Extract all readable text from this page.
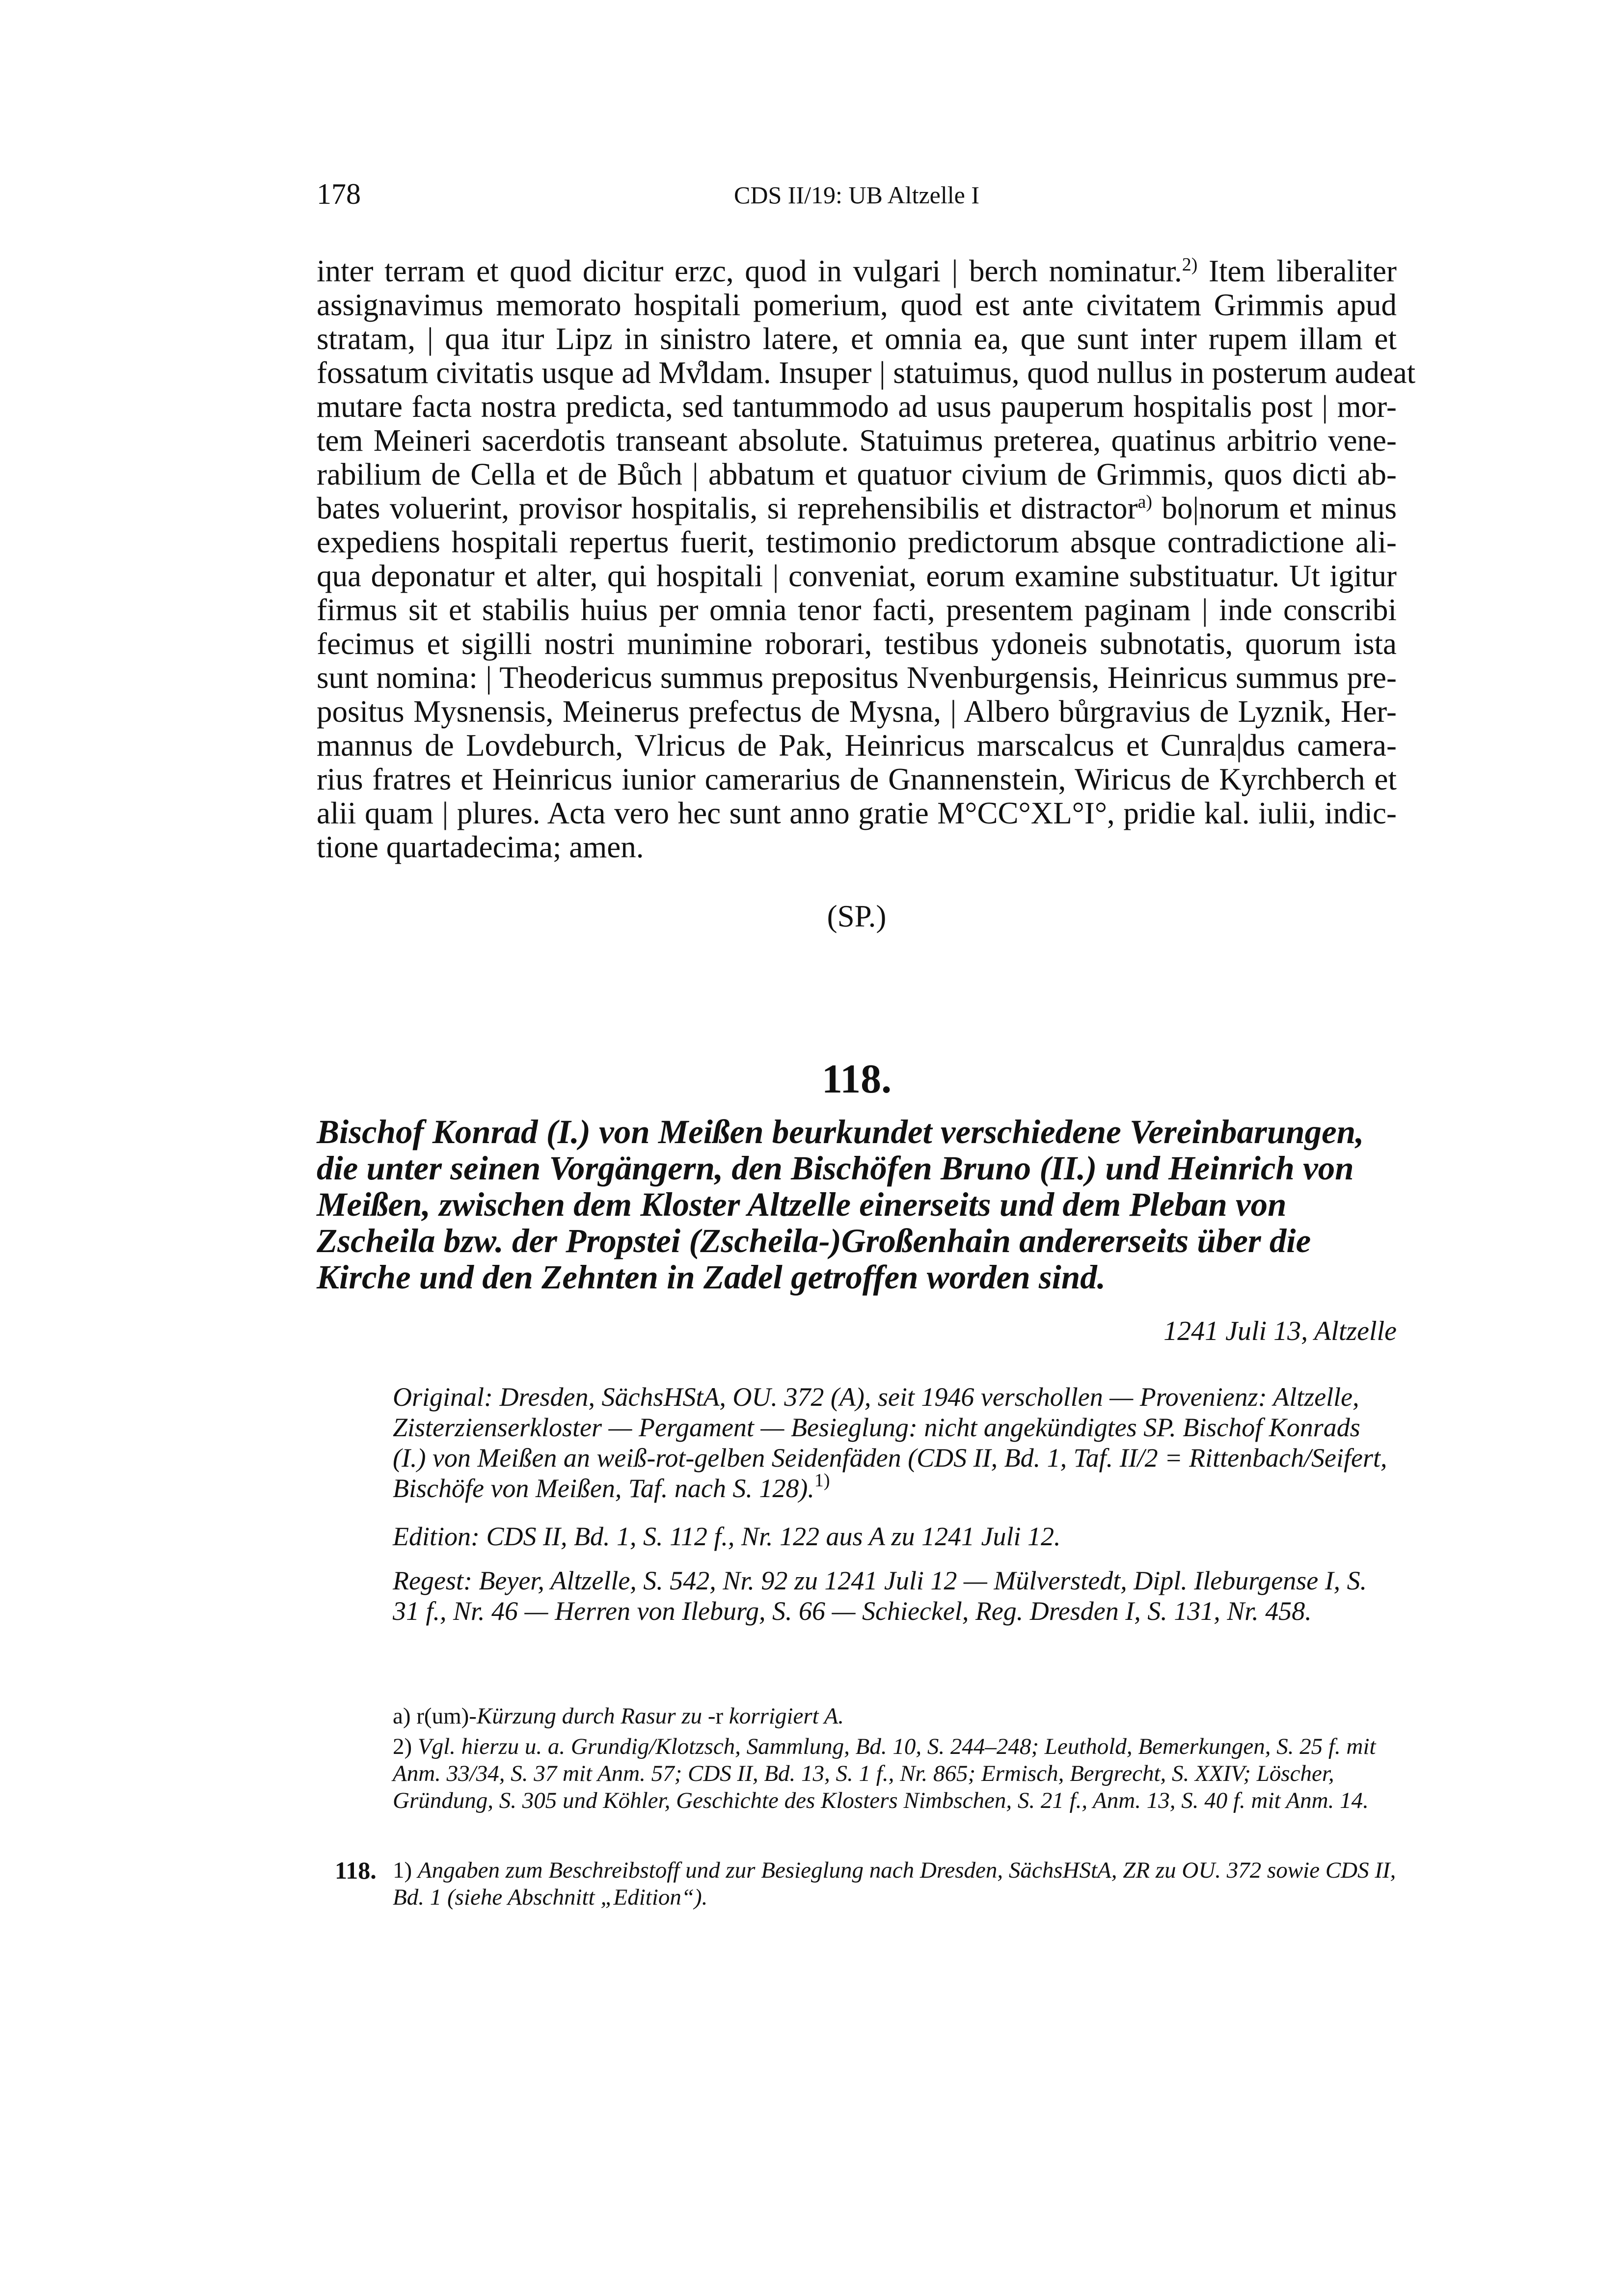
178	CDS II/19: UB Altzelle I

inter terram et quod dicitur erzc, quod in vulgari | berch nominatur.$^{2)}$ Item liberaliter
assignavimus memorato hospitali pomerium, quod est ante civitatem Grimmis apud
stratam, | qua itur Lipz in sinistro latere, et omnia ea, que sunt inter rupem illam et
fossatum civitatis usque ad Mv̊ldam. Insuper | statuimus, quod nullus in posterum audeat
mutare facta nostra predicta, sed tantummodo ad usus pauperum hospitalis post | mor-
tem Meineri sacerdotis transeant absolute. Statuimus preterea, quatinus arbitrio vene-
rabilium de Cella et de Bůch | abbatum et quatuor civium de Grimmis, quos dicti ab-
bates voluerint, provisor hospitalis, si reprehensibilis et distractor$^{a)}$ bo|norum et minus
expediens hospitali repertus fuerit, testimonio predictorum absque contradictione ali-
qua deponatur et alter, qui hospitali | conveniat, eorum examine substituatur. Ut igitur
firmus sit et stabilis huius per omnia tenor facti, presentem paginam | inde conscribi
fecimus et sigilli nostri munimine roborari, testibus ydoneis subnotatis, quorum ista
sunt nomina: | Theodericus summus prepositus Nvenburgensis, Heinricus summus pre-
positus Mysnensis, Meinerus prefectus de Mysna, | Albero bůrgravius de Lyznik, Her-
mannus de Lovdeburch, Vlricus de Pak, Heinricus marscalcus et Cunra|dus camera-
rius fratres et Heinricus iunior camerarius de Gnannenstein, Wiricus de Kyrchberch et
alii quam | plures. Acta vero hec sunt anno gratie M°CC°XL°I°, pridie kal. iulii, indic-
tione quartadecima; amen.

(SP.)
118.
Bischof Konrad (I.) von Meißen beurkundet verschiedene Vereinbarungen, die unter seinen Vorgängern, den Bischöfen Bruno (II.) und Heinrich von Meißen, zwischen dem Kloster Altzelle einerseits und dem Pleban von Zscheila bzw. der Propstei (Zscheila-)Großenhain andererseits über die Kirche und den Zehnten in Zadel getroffen worden sind.
1241 Juli 13, Altzelle

Original: Dresden, SächsHStA, OU. 372 (A), seit 1946 verschollen — Provenienz: Altzelle, Zisterzienserkloster — Pergament — Besieglung: nicht angekündigtes SP. Bischof Konrads (I.) von Meißen an weiß-rot-gelben Seidenfäden (CDS II, Bd. 1, Taf. II/2 = Rittenbach/Seifert, Bischöfe von Meißen, Taf. nach S. 128).$^{1)}$

Edition: CDS II, Bd. 1, S. 112 f., Nr. 122 aus A zu 1241 Juli 12.

Regest: Beyer, Altzelle, S. 542, Nr. 92 zu 1241 Juli 12 — Mülverstedt, Dipl. Ileburgense I, S. 31 f., Nr. 46 — Herren von Ileburg, S. 66 — Schieckel, Reg. Dresden I, S. 131, Nr. 458.

a) r(um)-Kürzung durch Rasur zu -r korrigiert A.

2) Vgl. hierzu u. a. Grundig/Klotzsch, Sammlung, Bd. 10, S. 244–248; Leuthold, Bemerkungen, S. 25 f. mit Anm. 33/34, S. 37 mit Anm. 57; CDS II, Bd. 13, S. 1 f., Nr. 865; Ermisch, Bergrecht, S. XXIV; Löscher, Gründung, S. 305 und Köhler, Geschichte des Klosters Nimbschen, S. 21 f., Anm. 13, S. 40 f. mit Anm. 14.

118. 1) Angaben zum Beschreibstoff und zur Besieglung nach Dresden, SächsHStA, ZR zu OU. 372 sowie CDS II, Bd. 1 (siehe Abschnitt „Edition“).
